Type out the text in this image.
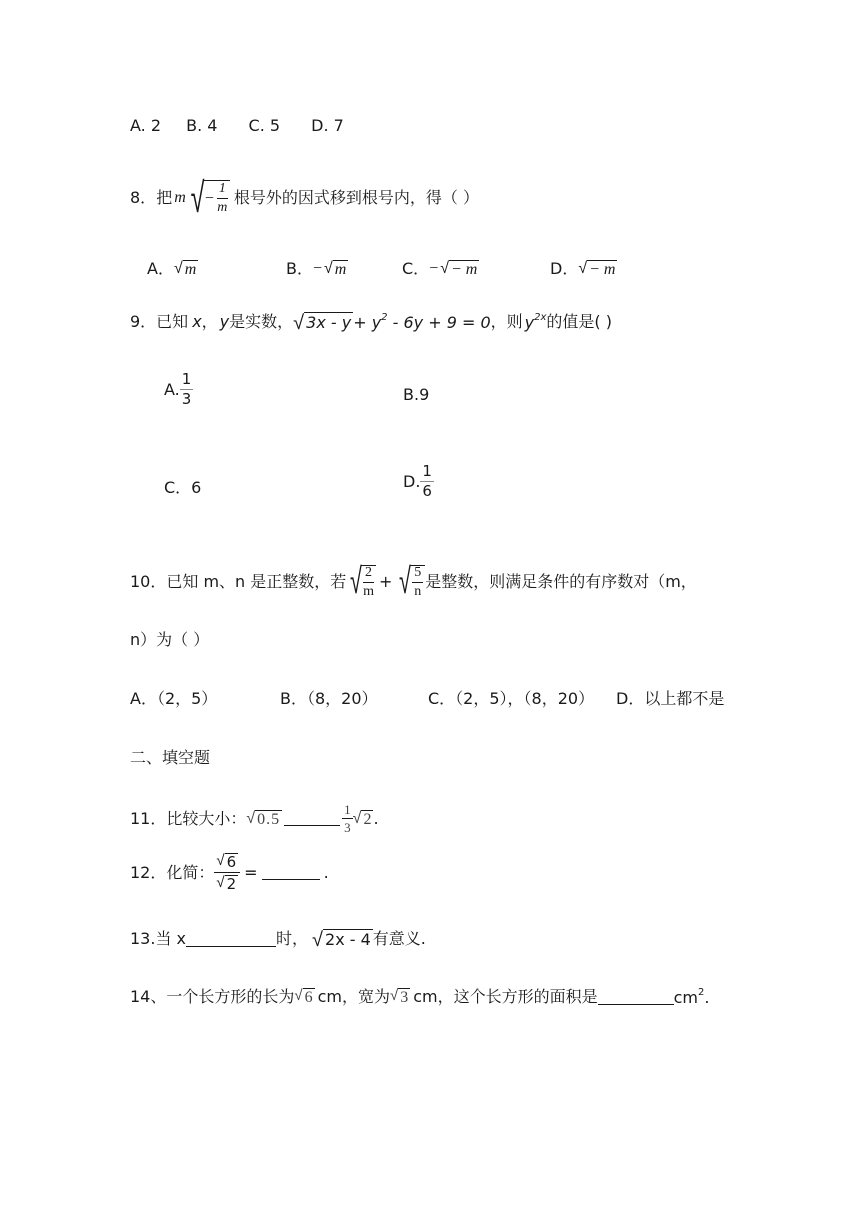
A. 2 B. 4 C. 5 D. 7
8． 把 m √ − $\frac{1}{m}$ 根号外的因式移到根号内，得（ ）
A． √ m	B． − √ m	C． − √ − m	D． √ − m
9．已知 x ， y 是实数， √ $3x - y + y^2 - 6y + 9 = 0$ ，则 $y^{2x}$ 的值是( )
A. $\frac{1}{3}$	B.9
C．6	D. $\frac{1}{6}$
10．已知 m、n 是正整数，若 √ $\frac{2}{m}$ + √ $\frac{5}{n}$ 是整数，则满足条件的有序数对（m，
n）为（ ）
A．（2，5）	B．（8，20）	C．（2，5），（8，20） D．以上都不是
二、填空题
11．比较大小： √ 0.5	$\frac{1}{3}$ √ 2 .
12．化简： $\frac{√ 6}{√ 2}$ =	.
13.当 x	时， √ 2x - 4 有意义.
14、一个长方形的长为 √ 6 cm，宽为 √ 3 cm，这个长方形的面积是	$cm^2$.
